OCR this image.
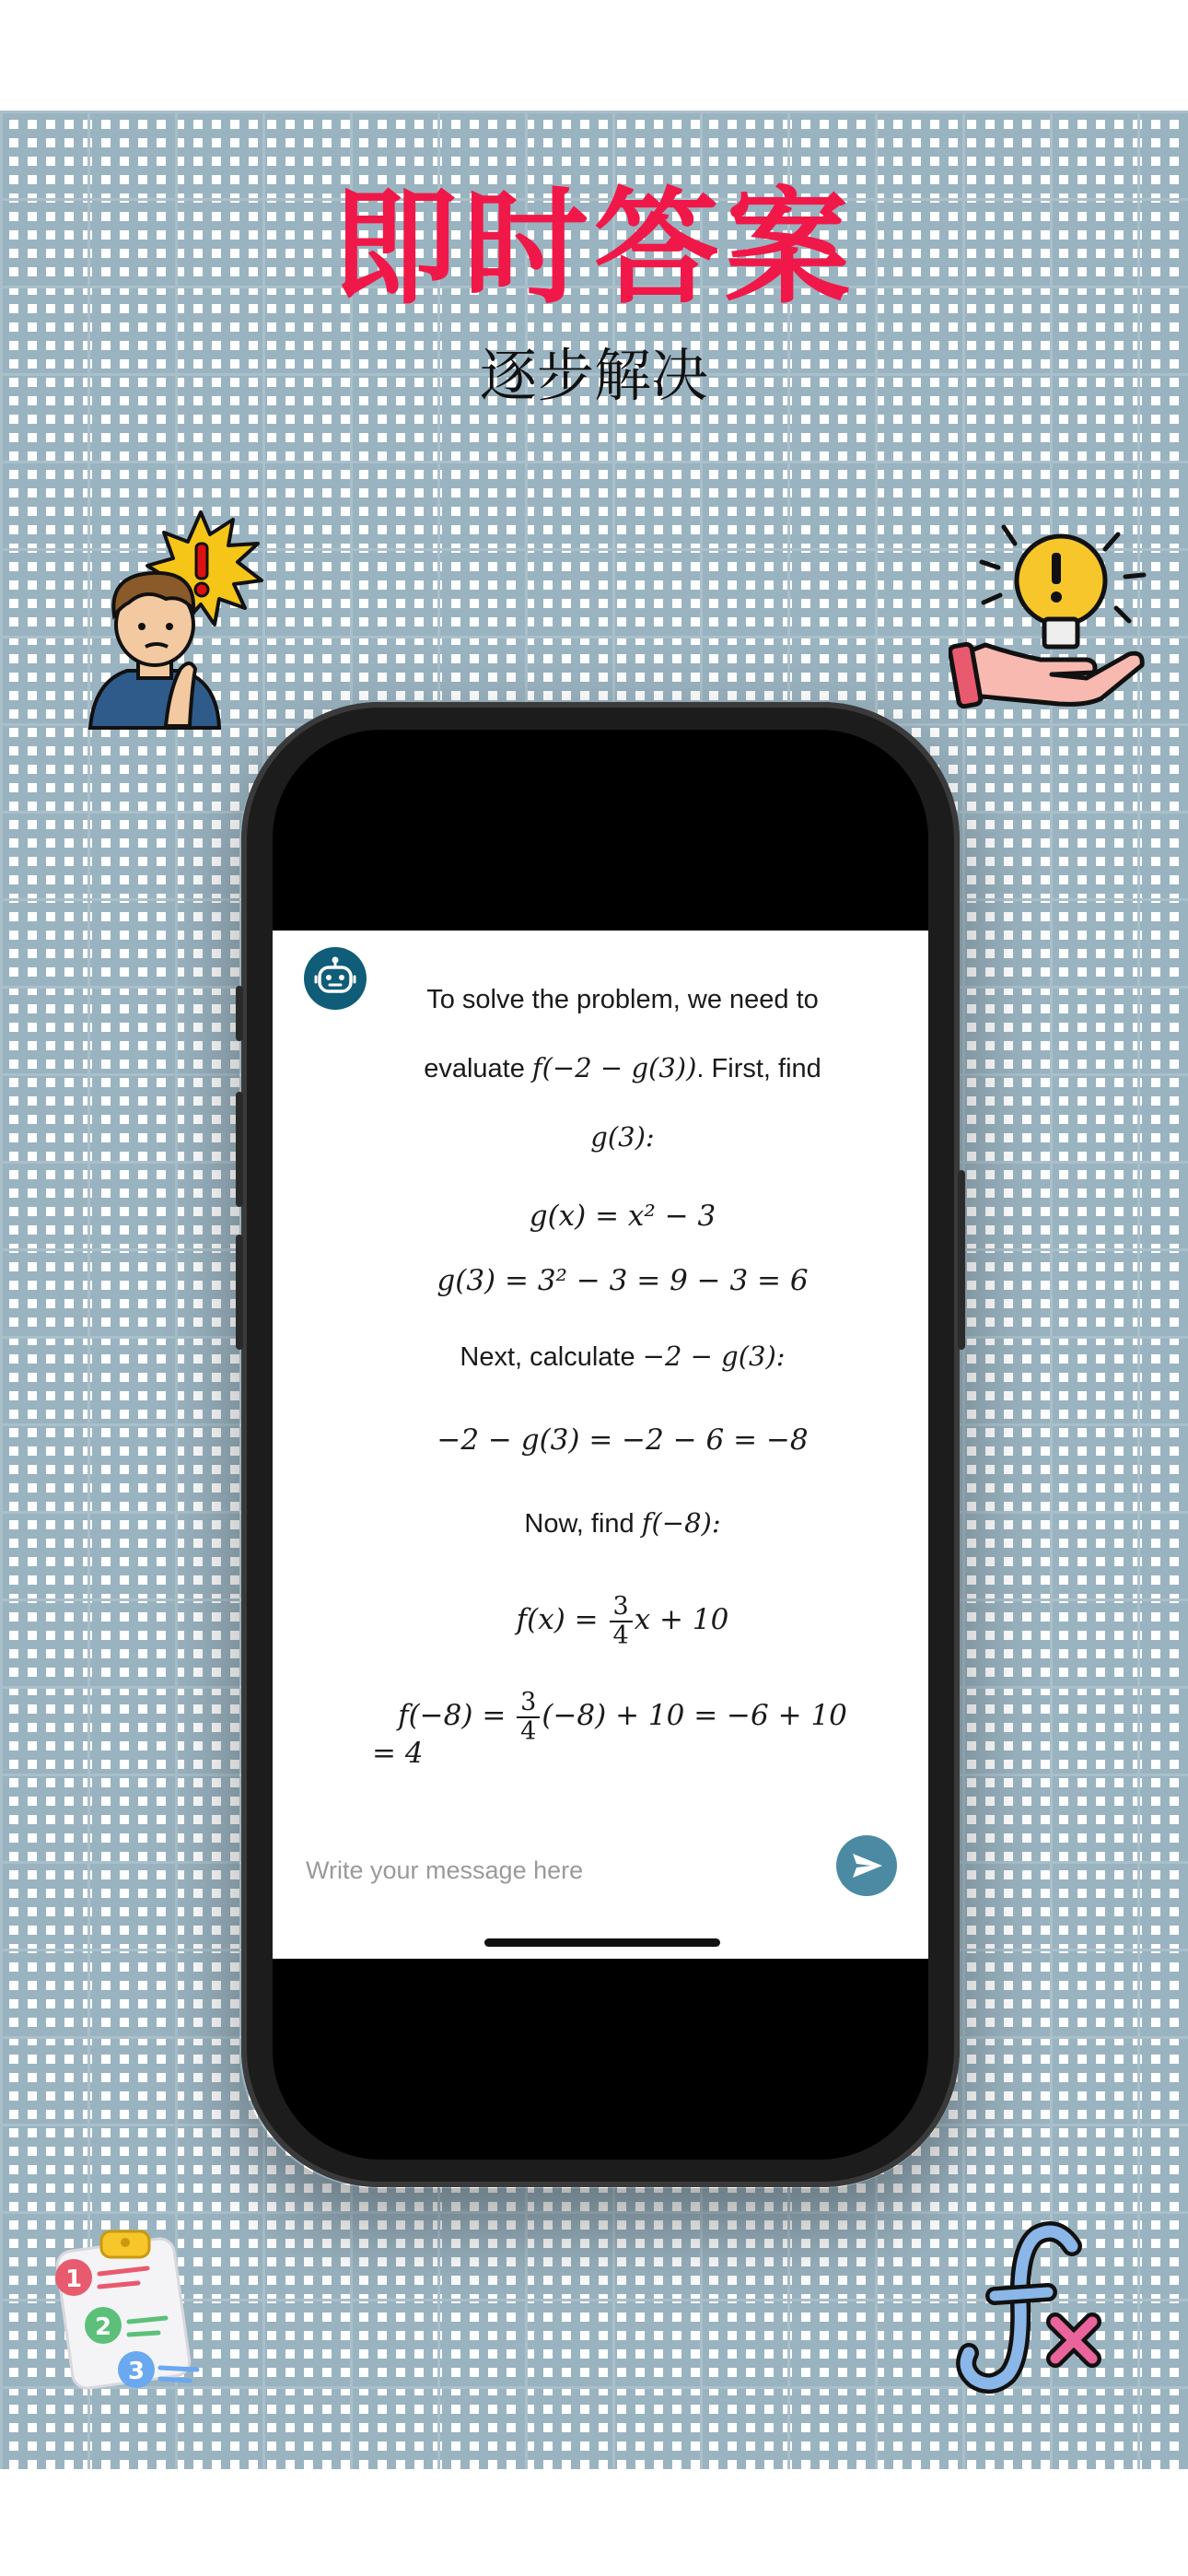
即时答案
逐步解决

To solve the problem, we need to

evaluate f(−2 − g(3)). First, find

g(3):

g(x) = x² − 3

g(3) = 3² − 3 = 9 − 3 = 6

Next, calculate −2 − g(3):

−2 − g(3) = −2 − 6 = −8

Now, find f(−8):

$f(x) = \frac{3}{4}$ x + 10

$f(-8) = \frac{3}{4} (-8) + 10 = -6 + 10$

= 4

Write your message here
1
2
3
